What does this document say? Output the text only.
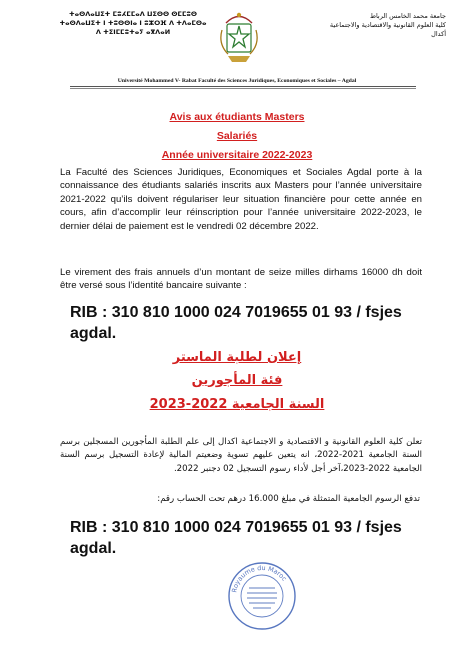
ⵜⴰⵙⴷⴰⵡⵉⵜ ⵎⵓⵃⵎⵎⴰⴷ ⵡⵉⵙⵙ ⵙⵎⵎⵓⵙ
ⵜⴰⵙⴷⴰⵡⵉⵜ ⵏ ⵜⵓⵙⵙⵏⴰ ⵏ ⵓⵣⵔⴼ ⴷ ⵜⴷⴰⵎⵙⴰ
ⴷ ⵜⵉⵏⵎⵎⵓⵜⴰⵢ ⴰⴳⴷⴰⵍ
جامعة محمد الخامس الرباط
كلية العلوم القانونية والاقتصادية والاجتماعية
أكدال
Université Mohammed V- Rabat Faculté des Sciences Juridiques, Economiques et Sociales – Agdal
Avis aux étudiants Masters
Salariés
Année universitaire 2022-2023
La Faculté des Sciences Juridiques, Economiques et Sociales Agdal porte à la connaissance des étudiants salariés inscrits aux Masters pour l’année universitaire 2021-2022 qu’ils doivent régulariser leur situation financière pour cette année en cours, afin d’accomplir leur réinscription pour l’année universitaire 2022-2023, le dernier délai de paiement est le vendredi 02 décembre 2022.
Le virement des frais annuels d’un montant de seize milles dirhams 16000 dh doit être versé sous l’identité bancaire suivante :
RIB : 310 810 1000 024 7019655 01 93 / fsjes agdal.
إعلان لطلبة الماستر
فئة المأجورين
السنة الجامعية 2022-2023
تعلن كلية العلوم القانونية و الاقتصادية و الاجتماعية اكدال إلى علم الطلبة المأجورين المسجلين برسم السنة الجامعية 2021-2022، انه يتعين عليهم تسوية وضعيتم المالية لإعادة التسجيل برسم السنة الجامعية 2022-2023،آخر أجل لأداء رسوم التسجيل 02 دجنبر 2022.
تدفع الرسوم الجامعية المتمثلة في مبلغ 16.000 درهم تحت الحساب رقم:
RIB : 310 810 1000 024 7019655 01 93 / fsjes agdal.
Royaume du Maroc
